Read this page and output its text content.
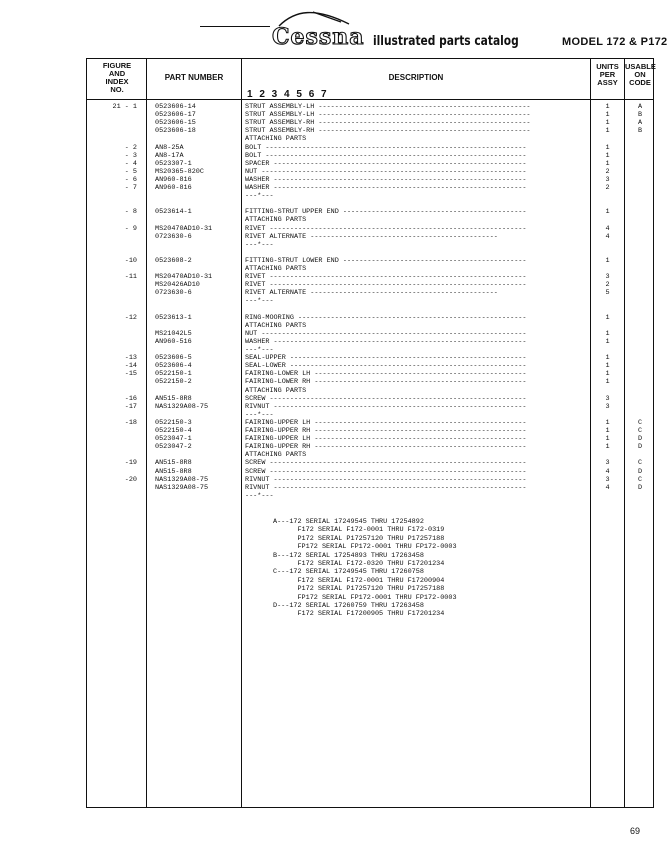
Cessna illustrated parts catalog	MODEL 172 & P172
FIGURE
AND
INDEX
NO.
PART NUMBER	DESCRIPTION
1 2 3 4 5 6 7
UNITS
PER
ASSY
USABLE
ON
CODE
21 - 1	0523606-14	STRUT ASSEMBLY-LH ----------------------------------------------------	1	A
0523606-17	STRUT ASSEMBLY-LH ----------------------------------------------------	1	B
0523606-15	STRUT ASSEMBLY-RH ----------------------------------------------------	1	A
0523606-18	STRUT ASSEMBLY-RH ----------------------------------------------------	1	B
ATTACHING PARTS
- 2	AN8-25A	BOLT ----------------------------------------------------------------	1
- 3	AN8-17A	BOLT ----------------------------------------------------------------	1
- 4	0523307-1	SPACER --------------------------------------------------------------	1
- 5	MS20365-820C	NUT -----------------------------------------------------------------	2
- 6	AN960-816	WASHER --------------------------------------------------------------	3
- 7	AN960-816	WASHER --------------------------------------------------------------	2
---*---
- 8	0523614-1	FITTING-STRUT UPPER END ---------------------------------------------	1
ATTACHING PARTS
- 9	MS20470AD10-31	RIVET ---------------------------------------------------------------	4
0723630-6	RIVET ALTERNATE ----------------------------------------------	4
---*---
-10	0523608-2	FITTING-STRUT LOWER END ---------------------------------------------	1
ATTACHING PARTS
-11	MS20470AD10-31	RIVET ---------------------------------------------------------------	3
MS20426AD10	RIVET ---------------------------------------------------------------	2
0723630-6	RIVET ALTERNATE ----------------------------------------------	5
---*---
-12	0523613-1	RING-MOORING --------------------------------------------------------	1
ATTACHING PARTS
MS21042L5	NUT -----------------------------------------------------------------	1
AN960-516	WASHER --------------------------------------------------------------	1
---*---
-13	0523606-5	SEAL-UPPER ----------------------------------------------------------	1
-14	0523606-4	SEAL-LOWER ----------------------------------------------------------	1
-15	0522150-1	FAIRING-LOWER LH ----------------------------------------------------	1
0522150-2	FAIRING-LOWER RH ----------------------------------------------------	1
ATTACHING PARTS
-16	AN515-8R8	SCREW ---------------------------------------------------------------	3
-17	NAS1329A08-75	RIVNUT --------------------------------------------------------------	3
---*---
-18	0522150-3	FAIRING-UPPER LH ----------------------------------------------------	1	C
0522150-4	FAIRING-UPPER RH ----------------------------------------------------	1	C
0523047-1	FAIRING-UPPER LH ----------------------------------------------------	1	D
0523047-2	FAIRING-UPPER RH ----------------------------------------------------	1	D
ATTACHING PARTS
-19	AN515-8R8	SCREW ---------------------------------------------------------------	3	C
AN515-8R8	SCREW ---------------------------------------------------------------	4	D
-20	NAS1329A08-75	RIVNUT --------------------------------------------------------------	3	C
NAS1329A08-75	RIVNUT --------------------------------------------------------------	4	D
---*---
A---172 SERIAL 17249545 THRU 17254892
F172 SERIAL F172-0001 THRU F172-0319
P172 SERIAL P17257120 THRU P17257188
FP172 SERIAL FP172-0001 THRU FP172-0003
B---172 SERIAL 17254893 THRU 17263458
F172 SERIAL F172-0320 THRU F17201234
C---172 SERIAL 17249545 THRU 17260758
F172 SERIAL F172-0001 THRU F17200904
P172 SERIAL P17257120 THRU P17257188
FP172 SERIAL FP172-0001 THRU FP172-0003
D---172 SERIAL 17260759 THRU 17263458
F172 SERIAL F17200905 THRU F17201234
69
